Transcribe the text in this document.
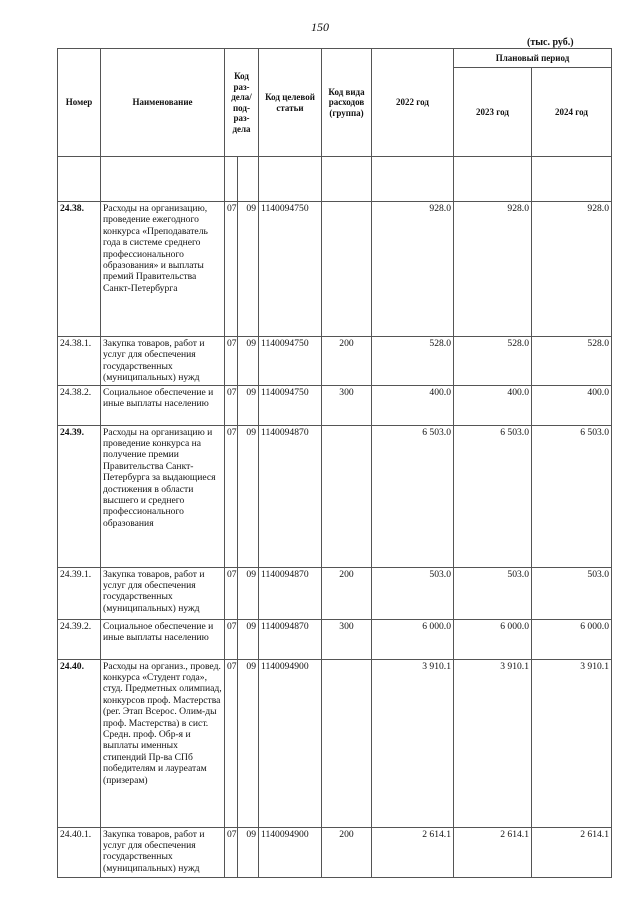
150
(тыс. руб.)
Номер	Наименование	Код раз-дела/ под-раз-дела		Код целевой статьи	Код вида расходов (группа)	2022 год	Плановый период	
							2023 год	2024 год

24.38.	Расходы на организацию, проведение ежегодного конкурса «Преподаватель года в системе среднего профессионального образования» и выплаты премий Правительства Санкт-Петербурга	07	09	1140094750		928.0	928.0	928.0
24.38.1.	Закупка товаров, работ и услуг для обеспечения государственных (муниципальных) нужд	07	09	1140094750	200	528.0	528.0	528.0
24.38.2.	Социальное обеспечение и иные выплаты населению	07	09	1140094750	300	400.0	400.0	400.0
24.39.	Расходы на организацию и проведение конкурса на получение премии Правительства Санкт-Петербурга за выдающиеся достижения в области высшего и среднего профессионального образования	07	09	1140094870		6 503.0	6 503.0	6 503.0
24.39.1.	Закупка товаров, работ и услуг для обеспечения государственных (муниципальных) нужд	07	09	1140094870	200	503.0	503.0	503.0
24.39.2.	Социальное обеспечение и иные выплаты населению	07	09	1140094870	300	6 000.0	6 000.0	6 000.0
24.40.	Расходы на организ., провед. конкурса «Студент года», студ. Предметных олимпиад, конкурсов проф. Мастерства (рег. Этап Всерос. Олим-ды проф. Мастерства) в сист. Средн. проф. Обр-я и выплаты именных стипендий Пр-ва СПб победителям и лауреатам (призерам)	07	09	1140094900		3 910.1	3 910.1	3 910.1
24.40.1.	Закупка товаров, работ и услуг для обеспечения государственных (муниципальных) нужд	07	09	1140094900	200	2 614.1	2 614.1	2 614.1
